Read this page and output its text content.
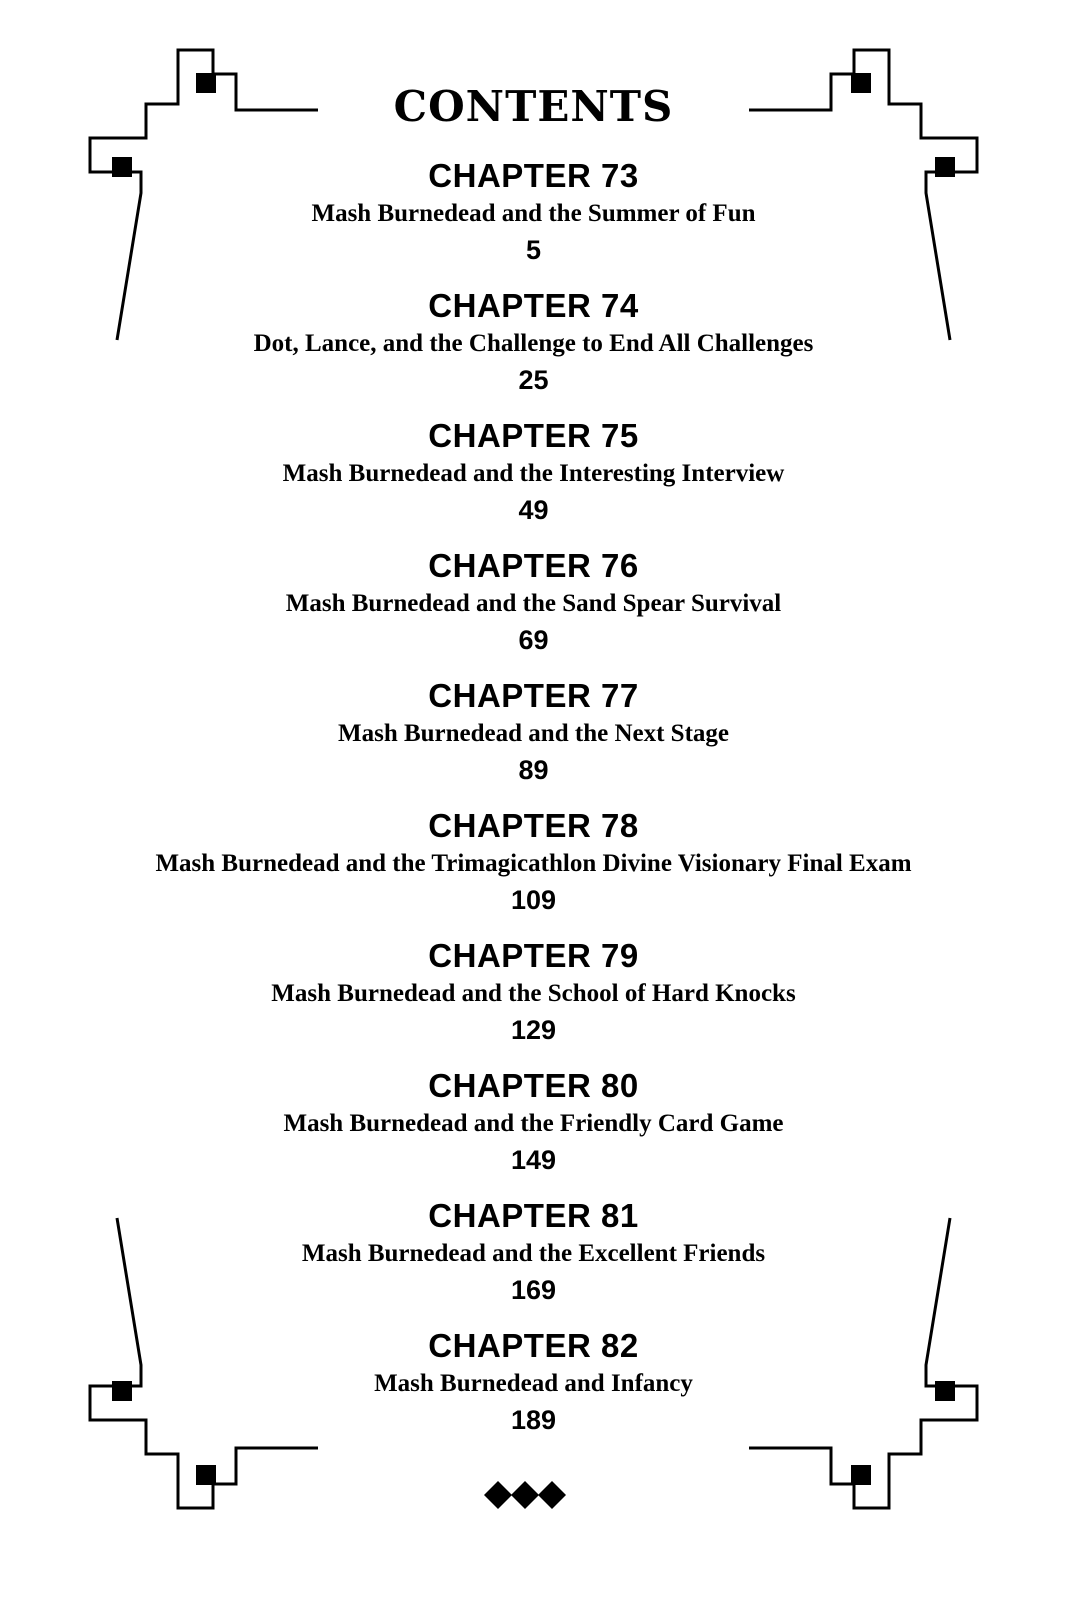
CONTENTS
CHAPTER 73
Mash Burnedead and the Summer of Fun
5
CHAPTER 74
Dot, Lance, and the Challenge to End All Challenges
25
CHAPTER 75
Mash Burnedead and the Interesting Interview
49
CHAPTER 76
Mash Burnedead and the Sand Spear Survival
69
CHAPTER 77
Mash Burnedead and the Next Stage
89
CHAPTER 78
Mash Burnedead and the Trimagicathlon Divine Visionary Final Exam
109
CHAPTER 79
Mash Burnedead and the School of Hard Knocks
129
CHAPTER 80
Mash Burnedead and the Friendly Card Game
149
CHAPTER 81
Mash Burnedead and the Excellent Friends
169
CHAPTER 82
Mash Burnedead and Infancy
189
